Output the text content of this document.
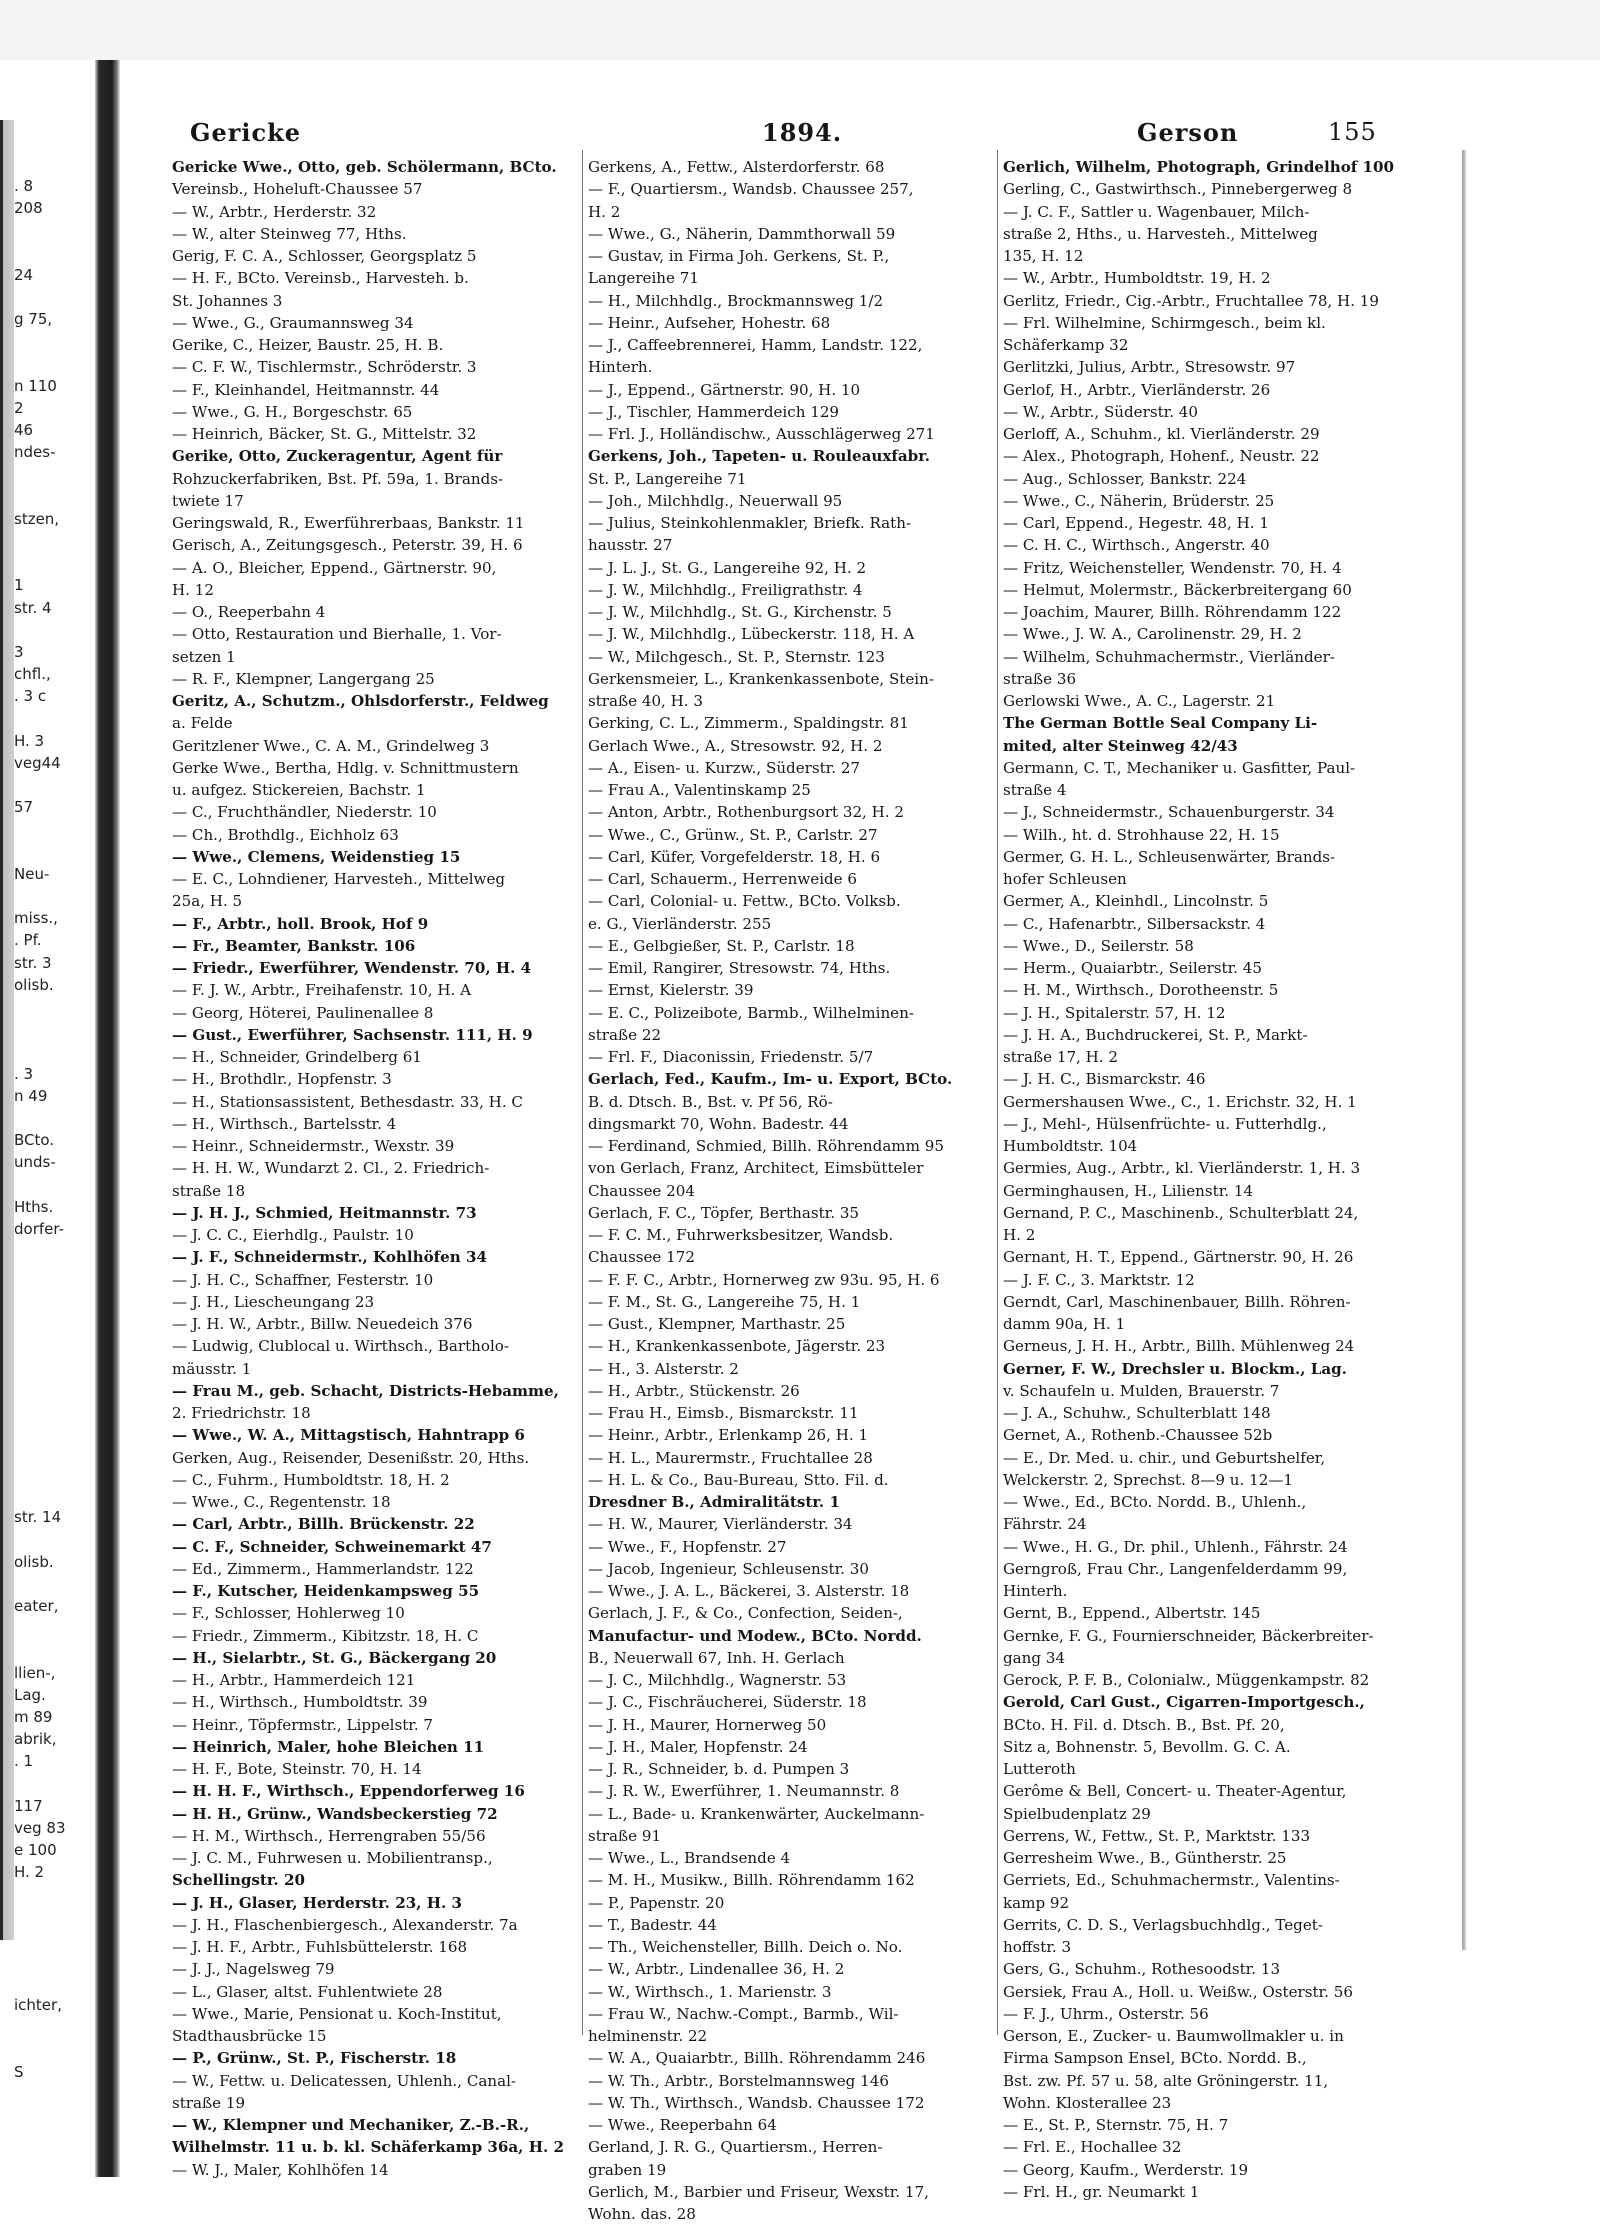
. 8
208
24
g 75,
n 110
2
46
ndes-
stzen,
1
str. 4
3
chfl.,
. 3 c
H. 3
veg44
57
Neu-
miss.,
. Pf.
str. 3
olisb.
. 3
n 49
BCto.
unds-
Hths.
dorfer-
str. 14
olisb.
eater,
llien-,
Lag.
m 89
abrik,
. 1
117
veg 83
e 100
H. 2
ichter,
S
Gericke	1894.	Gerson	155
Gericke Wwe., Otto, geb. Schölermann, BCto.
Vereinsb., Hoheluft-Chaussee 57
— W., Arbtr., Herderstr. 32
— W., alter Steinweg 77, Hths.
Gerig, F. C. A., Schlosser, Georgsplatz 5
— H. F., BCto. Vereinsb., Harvesteh. b.
St. Johannes 3
— Wwe., G., Graumannsweg 34
Gerike, C., Heizer, Baustr. 25, H. B.
— C. F. W., Tischlermstr., Schröderstr. 3
— F., Kleinhandel, Heitmannstr. 44
— Wwe., G. H., Borgeschstr. 65
— Heinrich, Bäcker, St. G., Mittelstr. 32
Gerike, Otto, Zuckeragentur, Agent für
Rohzuckerfabriken, Bst. Pf. 59a, 1. Brands-
twiete 17
Geringswald, R., Ewerführerbaas, Bankstr. 11
Gerisch, A., Zeitungsgesch., Peterstr. 39, H. 6
— A. O., Bleicher, Eppend., Gärtnerstr. 90,
H. 12
— O., Reeperbahn 4
— Otto, Restauration und Bierhalle, 1. Vor-
setzen 1
— R. F., Klempner, Langergang 25
Geritz, A., Schutzm., Ohlsdorferstr., Feldweg
a. Felde
Geritzlener Wwe., C. A. M., Grindelweg 3
Gerke Wwe., Bertha, Hdlg. v. Schnittmustern
u. aufgez. Stickereien, Bachstr. 1
— C., Fruchthändler, Niederstr. 10
— Ch., Brothdlg., Eichholz 63
— Wwe., Clemens, Weidenstieg 15
— E. C., Lohndiener, Harvesteh., Mittelweg
25a, H. 5
— F., Arbtr., holl. Brook, Hof 9
— Fr., Beamter, Bankstr. 106
— Friedr., Ewerführer, Wendenstr. 70, H. 4
— F. J. W., Arbtr., Freihafenstr. 10, H. A
— Georg, Höterei, Paulinenallee 8
— Gust., Ewerführer, Sachsenstr. 111, H. 9
— H., Schneider, Grindelberg 61
— H., Brothdlr., Hopfenstr. 3
— H., Stationsassistent, Bethesdastr. 33, H. C
— H., Wirthsch., Bartelsstr. 4
— Heinr., Schneidermstr., Wexstr. 39
— H. H. W., Wundarzt 2. Cl., 2. Friedrich-
straße 18
— J. H. J., Schmied, Heitmannstr. 73
— J. C. C., Eierhdlg., Paulstr. 10
— J. F., Schneidermstr., Kohlhöfen 34
— J. H. C., Schaffner, Festerstr. 10
— J. H., Liescheungang 23
— J. H. W., Arbtr., Billw. Neuedeich 376
— Ludwig, Clublocal u. Wirthsch., Bartholo-
mäusstr. 1
— Frau M., geb. Schacht, Districts-Hebamme,
2. Friedrichstr. 18
— Wwe., W. A., Mittagstisch, Hahntrapp 6
Gerken, Aug., Reisender, Desenißstr. 20, Hths.
— C., Fuhrm., Humboldtstr. 18, H. 2
— Wwe., C., Regentenstr. 18
— Carl, Arbtr., Billh. Brückenstr. 22
— C. F., Schneider, Schweinemarkt 47
— Ed., Zimmerm., Hammerlandstr. 122
— F., Kutscher, Heidenkampsweg 55
— F., Schlosser, Hohlerweg 10
— Friedr., Zimmerm., Kibitzstr. 18, H. C
— H., Sielarbtr., St. G., Bäckergang 20
— H., Arbtr., Hammerdeich 121
— H., Wirthsch., Humboldtstr. 39
— Heinr., Töpfermstr., Lippelstr. 7
— Heinrich, Maler, hohe Bleichen 11
— H. F., Bote, Steinstr. 70, H. 14
— H. H. F., Wirthsch., Eppendorferweg 16
— H. H., Grünw., Wandsbeckerstieg 72
— H. M., Wirthsch., Herrengraben 55/56
— J. C. M., Fuhrwesen u. Mobilientransp.,
Schellingstr. 20
— J. H., Glaser, Herderstr. 23, H. 3
— J. H., Flaschenbiergesch., Alexanderstr. 7a
— J. H. F., Arbtr., Fuhlsbüttelerstr. 168
— J. J., Nagelsweg 79
— L., Glaser, altst. Fuhlentwiete 28
— Wwe., Marie, Pensionat u. Koch-Institut,
Stadthausbrücke 15
— P., Grünw., St. P., Fischerstr. 18
— W., Fettw. u. Delicatessen, Uhlenh., Canal-
straße 19
— W., Klempner und Mechaniker, Z.-B.-R.,
Wilhelmstr. 11 u. b. kl. Schäferkamp 36a, H. 2
— W. J., Maler, Kohlhöfen 14
Gerkens, A., Fettw., Alsterdorferstr. 68
— F., Quartiersm., Wandsb. Chaussee 257,
H. 2
— Wwe., G., Näherin, Dammthorwall 59
— Gustav, in Firma Joh. Gerkens, St. P.,
Langereihe 71
— H., Milchhdlg., Brockmannsweg 1/2
— Heinr., Aufseher, Hohestr. 68
— J., Caffeebrennerei, Hamm, Landstr. 122,
Hinterh.
— J., Eppend., Gärtnerstr. 90, H. 10
— J., Tischler, Hammerdeich 129
— Frl. J., Holländischw., Ausschlägerweg 271
Gerkens, Joh., Tapeten- u. Rouleauxfabr.
St. P., Langereihe 71
— Joh., Milchhdlg., Neuerwall 95
— Julius, Steinkohlenmakler, Briefk. Rath-
hausstr. 27
— J. L. J., St. G., Langereihe 92, H. 2
— J. W., Milchhdlg., Freiligrathstr. 4
— J. W., Milchhdlg., St. G., Kirchenstr. 5
— J. W., Milchhdlg., Lübeckerstr. 118, H. A
— W., Milchgesch., St. P., Sternstr. 123
Gerkensmeier, L., Krankenkassenbote, Stein-
straße 40, H. 3
Gerking, C. L., Zimmerm., Spaldingstr. 81
Gerlach Wwe., A., Stresowstr. 92, H. 2
— A., Eisen- u. Kurzw., Süderstr. 27
— Frau A., Valentinskamp 25
— Anton, Arbtr., Rothenburgsort 32, H. 2
— Wwe., C., Grünw., St. P., Carlstr. 27
— Carl, Küfer, Vorgefelderstr. 18, H. 6
— Carl, Schauerm., Herrenweide 6
— Carl, Colonial- u. Fettw., BCto. Volksb.
e. G., Vierländerstr. 255
— E., Gelbgießer, St. P., Carlstr. 18
— Emil, Rangirer, Stresowstr. 74, Hths.
— Ernst, Kielerstr. 39
— E. C., Polizeibote, Barmb., Wilhelminen-
straße 22
— Frl. F., Diaconissin, Friedenstr. 5/7
Gerlach, Fed., Kaufm., Im- u. Export, BCto.
B. d. Dtsch. B., Bst. v. Pf 56, Rö-
dingsmarkt 70, Wohn. Badestr. 44
— Ferdinand, Schmied, Billh. Röhrendamm 95
von Gerlach, Franz, Architect, Eimsbütteler
Chaussee 204
Gerlach, F. C., Töpfer, Berthastr. 35
— F. C. M., Fuhrwerksbesitzer, Wandsb.
Chaussee 172
— F. F. C., Arbtr., Hornerweg zw 93u. 95, H. 6
— F. M., St. G., Langereihe 75, H. 1
— Gust., Klempner, Marthastr. 25
— H., Krankenkassenbote, Jägerstr. 23
— H., 3. Alsterstr. 2
— H., Arbtr., Stückenstr. 26
— Frau H., Eimsb., Bismarckstr. 11
— Heinr., Arbtr., Erlenkamp 26, H. 1
— H. L., Maurermstr., Fruchtallee 28
— H. L. & Co., Bau-Bureau, Stto. Fil. d.
Dresdner B., Admiralitätstr. 1
— H. W., Maurer, Vierländerstr. 34
— Wwe., F., Hopfenstr. 27
— Jacob, Ingenieur, Schleusenstr. 30
— Wwe., J. A. L., Bäckerei, 3. Alsterstr. 18
Gerlach, J. F., & Co., Confection, Seiden-,
Manufactur- und Modew., BCto. Nordd.
B., Neuerwall 67, Inh. H. Gerlach
— J. C., Milchhdlg., Wagnerstr. 53
— J. C., Fischräucherei, Süderstr. 18
— J. H., Maurer, Hornerweg 50
— J. H., Maler, Hopfenstr. 24
— J. R., Schneider, b. d. Pumpen 3
— J. R. W., Ewerführer, 1. Neumannstr. 8
— L., Bade- u. Krankenwärter, Auckelmann-
straße 91
— Wwe., L., Brandsende 4
— M. H., Musikw., Billh. Röhrendamm 162
— P., Papenstr. 20
— T., Badestr. 44
— Th., Weichensteller, Billh. Deich o. No.
— W., Arbtr., Lindenallee 36, H. 2
— W., Wirthsch., 1. Marienstr. 3
— Frau W., Nachw.-Compt., Barmb., Wil-
helminenstr. 22
— W. A., Quaiarbtr., Billh. Röhrendamm 246
— W. Th., Arbtr., Borstelmannsweg 146
— W. Th., Wirthsch., Wandsb. Chaussee 172
— Wwe., Reeperbahn 64
Gerland, J. R. G., Quartiersm., Herren-
graben 19
Gerlich, M., Barbier und Friseur, Wexstr. 17,
Wohn. das. 28
Gerlich, Wilhelm, Photograph, Grindelhof 100
Gerling, C., Gastwirthsch., Pinnebergerweg 8
— J. C. F., Sattler u. Wagenbauer, Milch-
straße 2, Hths., u. Harvesteh., Mittelweg
135, H. 12
— W., Arbtr., Humboldtstr. 19, H. 2
Gerlitz, Friedr., Cig.-Arbtr., Fruchtallee 78, H. 19
— Frl. Wilhelmine, Schirmgesch., beim kl.
Schäferkamp 32
Gerlitzki, Julius, Arbtr., Stresowstr. 97
Gerlof, H., Arbtr., Vierländerstr. 26
— W., Arbtr., Süderstr. 40
Gerloff, A., Schuhm., kl. Vierländerstr. 29
— Alex., Photograph, Hohenf., Neustr. 22
— Aug., Schlosser, Bankstr. 224
— Wwe., C., Näherin, Brüderstr. 25
— Carl, Eppend., Hegestr. 48, H. 1
— C. H. C., Wirthsch., Angerstr. 40
— Fritz, Weichensteller, Wendenstr. 70, H. 4
— Helmut, Molermstr., Bäckerbreitergang 60
— Joachim, Maurer, Billh. Röhrendamm 122
— Wwe., J. W. A., Carolinenstr. 29, H. 2
— Wilhelm, Schuhmachermstr., Vierländer-
straße 36
Gerlowski Wwe., A. C., Lagerstr. 21
The German Bottle Seal Company Li-
mited, alter Steinweg 42/43
Germann, C. T., Mechaniker u. Gasfitter, Paul-
straße 4
— J., Schneidermstr., Schauenburgerstr. 34
— Wilh., ht. d. Strohhause 22, H. 15
Germer, G. H. L., Schleusenwärter, Brands-
hofer Schleusen
Germer, A., Kleinhdl., Lincolnstr. 5
— C., Hafenarbtr., Silbersackstr. 4
— Wwe., D., Seilerstr. 58
— Herm., Quaiarbtr., Seilerstr. 45
— H. M., Wirthsch., Dorotheenstr. 5
— J. H., Spitalerstr. 57, H. 12
— J. H. A., Buchdruckerei, St. P., Markt-
straße 17, H. 2
— J. H. C., Bismarckstr. 46
Germershausen Wwe., C., 1. Erichstr. 32, H. 1
— J., Mehl-, Hülsenfrüchte- u. Futterhdlg.,
Humboldtstr. 104
Germies, Aug., Arbtr., kl. Vierländerstr. 1, H. 3
Germinghausen, H., Lilienstr. 14
Gernand, P. C., Maschinenb., Schulterblatt 24,
H. 2
Gernant, H. T., Eppend., Gärtnerstr. 90, H. 26
— J. F. C., 3. Marktstr. 12
Gerndt, Carl, Maschinenbauer, Billh. Röhren-
damm 90a, H. 1
Gerneus, J. H. H., Arbtr., Billh. Mühlenweg 24
Gerner, F. W., Drechsler u. Blockm., Lag.
v. Schaufeln u. Mulden, Brauerstr. 7
— J. A., Schuhw., Schulterblatt 148
Gernet, A., Rothenb.-Chaussee 52b
— E., Dr. Med. u. chir., und Geburtshelfer,
Welckerstr. 2, Sprechst. 8—9 u. 12—1
— Wwe., Ed., BCto. Nordd. B., Uhlenh.,
Fährstr. 24
— Wwe., H. G., Dr. phil., Uhlenh., Fährstr. 24
Gerngroß, Frau Chr., Langenfelderdamm 99,
Hinterh.
Gernt, B., Eppend., Albertstr. 145
Gernke, F. G., Fournierschneider, Bäckerbreiter-
gang 34
Gerock, P. F. B., Colonialw., Müggenkampstr. 82
Gerold, Carl Gust., Cigarren-Importgesch.,
BCto. H. Fil. d. Dtsch. B., Bst. Pf. 20,
Sitz a, Bohnenstr. 5, Bevollm. G. C. A.
Lutteroth
Gerôme & Bell, Concert- u. Theater-Agentur,
Spielbudenplatz 29
Gerrens, W., Fettw., St. P., Marktstr. 133
Gerresheim Wwe., B., Güntherstr. 25
Gerriets, Ed., Schuhmachermstr., Valentins-
kamp 92
Gerrits, C. D. S., Verlagsbuchhdlg., Teget-
hoffstr. 3
Gers, G., Schuhm., Rothesoodstr. 13
Gersiek, Frau A., Holl. u. Weißw., Osterstr. 56
— F. J., Uhrm., Osterstr. 56
Gerson, E., Zucker- u. Baumwollmakler u. in
Firma Sampson Ensel, BCto. Nordd. B.,
Bst. zw. Pf. 57 u. 58, alte Gröningerstr. 11,
Wohn. Klosterallee 23
— E., St. P., Sternstr. 75, H. 7
— Frl. E., Hochallee 32
— Georg, Kaufm., Werderstr. 19
— Frl. H., gr. Neumarkt 1
